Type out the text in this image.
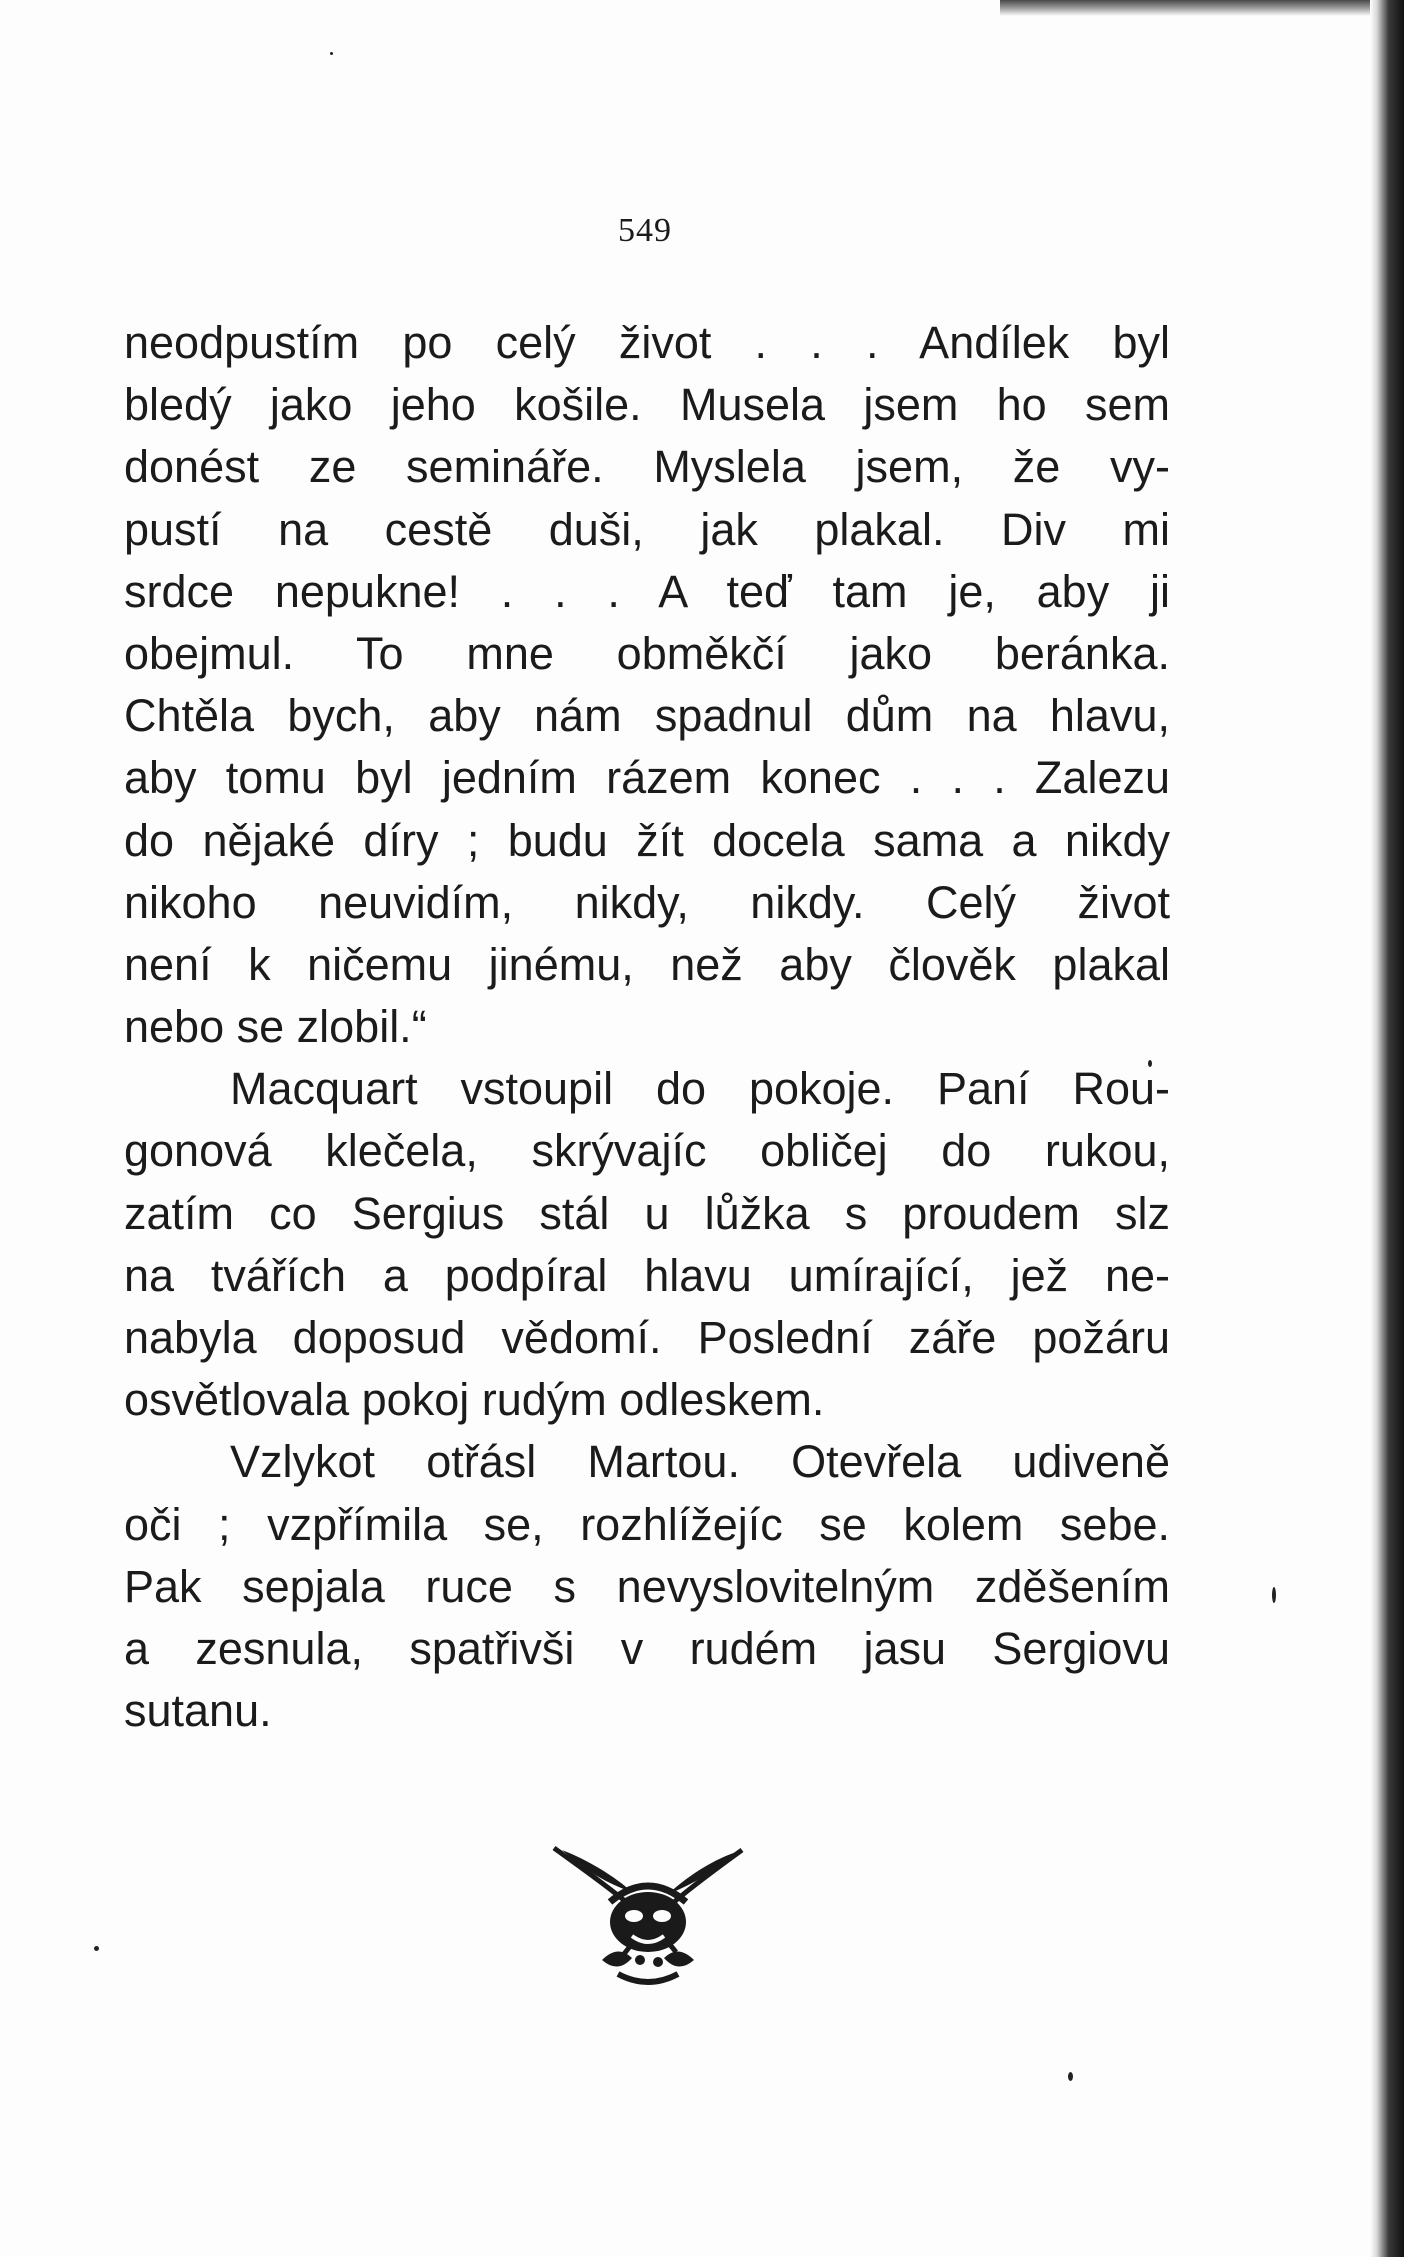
549
neodpustím po celý život . . . Andílek byl
bledý jako jeho košile. Musela jsem ho sem
donést ze semináře. Myslela jsem, že vy-
pustí na cestě duši, jak plakal. Div mi
srdce nepukne! . . . A teď tam je, aby ji
obejmul. To mne obměkčí jako beránka.
Chtěla bych, aby nám spadnul dům na hlavu,
aby tomu byl jedním rázem konec . . . Zalezu
do nějaké díry ; budu žít docela sama a nikdy
nikoho neuvidím, nikdy, nikdy. Celý život
není k ničemu jinému, než aby člověk plakal
nebo se zlobil.“
Macquart vstoupil do pokoje. Paní Rou-
gonová klečela, skrývajíc obličej do rukou,
zatím co Sergius stál u lůžka s proudem slz
na tvářích a podpíral hlavu umírající, jež ne-
nabyla doposud vědomí. Poslední záře požáru
osvětlovala pokoj rudým odleskem.
Vzlykot otřásl Martou. Otevřela udiveně
oči ; vzpřímila se, rozhlížejíc se kolem sebe.
Pak sepjala ruce s nevyslovitelným zděšením
a zesnula, spatřivši v rudém jasu Sergiovu
sutanu.
